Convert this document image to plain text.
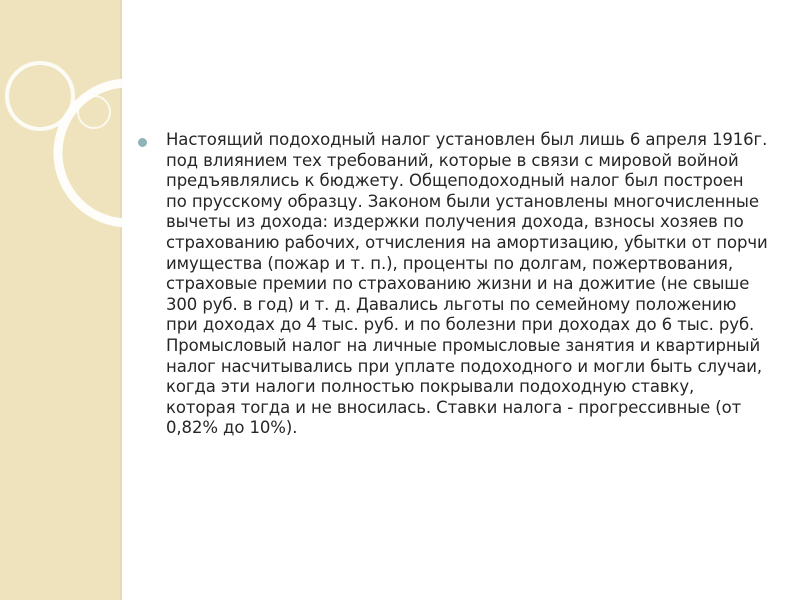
Настоящий подоходный налог установлен был лишь 6 апреля 1916г. под влиянием тех требований, которые в связи с мировой войной предъявлялись к бюджету. Общеподоходный налог был построен по прусскому образцу. Законом были установлены многочисленные вычеты из дохода: издержки получения дохода, взносы хозяев по страхованию рабочих, отчисления на амортизацию, убытки от порчи имущества (пожар и т. п.), проценты по долгам, пожертвования, страховые премии по страхованию жизни и на дожитие (не свыше 300 руб. в год) и т. д. Давались льготы по семейному положению при доходах до 4 тыс. руб. и по болезни при доходах до 6 тыс. руб. Промысловый налог на личные промысловые занятия и квартирный налог насчитывались при уплате подоходного и могли быть случаи, когда эти налоги полностью покрывали подоходную ставку, которая тогда и не вносилась. Ставки налога - прогрессивные (от 0,82% до 10%).
